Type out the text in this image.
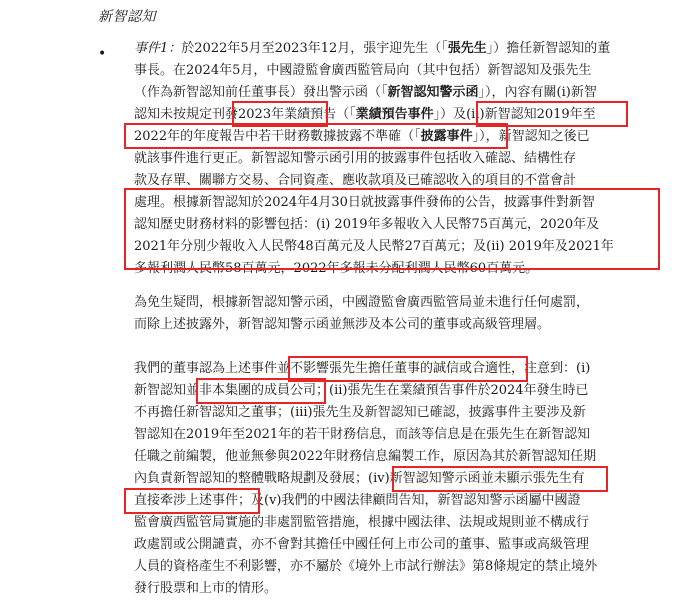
新智認知
• 事件1：於2022年5月至2023年12月，張宇迎先生（「張先生」）擔任新智認知的董
事長。在2024年5月，中國證監會廣西監管局向（其中包括）新智認知及張先生
（作為新智認知前任董事長）發出警示函（「新智認知警示函」），內容有關(i)新智
認知未按規定刊發2023年業績預告（「業績預告事件」）及(ii)新智認知2019年至
2022年的年度報告中若干財務數據披露不準確（「披露事件」），新智認知之後已
就該事件進行更正。新智認知警示函引用的披露事件包括收入確認、結構性存
款及存單、關聯方交易、合同資產、應收款項及已確認收入的項目的不當會計
處理。根據新智認知於2024年4月30日就披露事件發佈的公告，披露事件對新智
認知歷史財務材料的影響包括：(i) 2019年多報收入人民幣75百萬元，2020年及
2021年分別少報收入人民幣48百萬元及人民幣27百萬元；及(ii) 2019年及2021年
多報利潤人民幣58百萬元，2022年多報未分配利潤人民幣60百萬元。
為免生疑問，根據新智認知警示函，中國證監會廣西監管局並未進行任何處罰，
而除上述披露外，新智認知警示函並無涉及本公司的董事或高級管理層。
我們的董事認為上述事件並不影響張先生擔任董事的誠信或合適性，注意到：(i)
新智認知並非本集團的成員公司；(ii)張先生在業績預告事件於2024年發生時已
不再擔任新智認知之董事；(iii)張先生及新智認知已確認，披露事件主要涉及新
智認知在2019年至2021年的若干財務信息，而該等信息是在張先生在新智認知
任職之前編製，他並無參與2022年財務信息編製工作，原因為其於新智認知任期
內負責新智認知的整體戰略規劃及發展；(iv)新智認知警示函並未顯示張先生有
直接牽涉上述事件；及(v)我們的中國法律顧問告知，新智認知警示函屬中國證
監會廣西監管局實施的非處罰監管措施，根據中國法律、法規或規則並不構成行
政處罰或公開譴責，亦不會對其擔任中國任何上市公司的董事、監事或高級管理
人員的資格產生不利影響，亦不屬於《境外上市試行辦法》第8條規定的禁止境外
發行股票和上市的情形。
